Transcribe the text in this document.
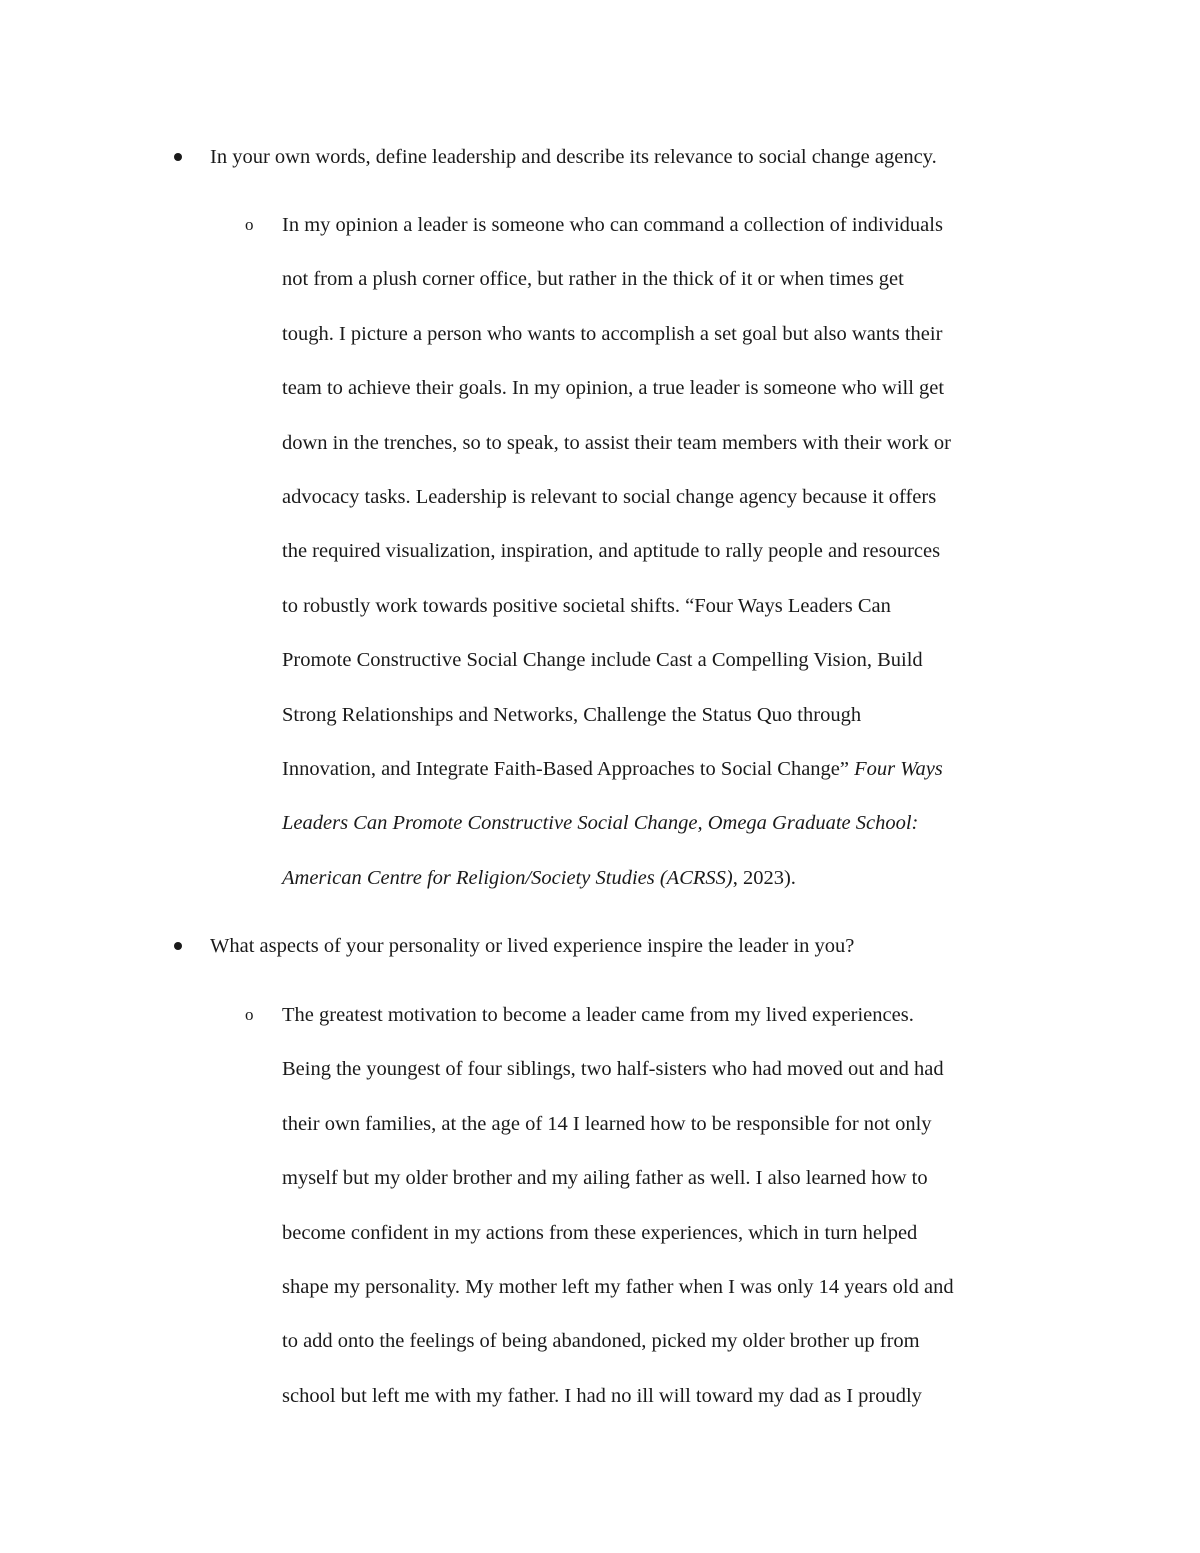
In your own words, define leadership and describe its relevance to social change agency.
o In my opinion a leader is someone who can command a collection of individuals
not from a plush corner office, but rather in the thick of it or when times get
tough. I picture a person who wants to accomplish a set goal but also wants their
team to achieve their goals. In my opinion, a true leader is someone who will get
down in the trenches, so to speak, to assist their team members with their work or
advocacy tasks. Leadership is relevant to social change agency because it offers
the required visualization, inspiration, and aptitude to rally people and resources
to robustly work towards positive societal shifts. “Four Ways Leaders Can
Promote Constructive Social Change include Cast a Compelling Vision, Build
Strong Relationships and Networks, Challenge the Status Quo through
Innovation, and Integrate Faith-Based Approaches to Social Change” Four Ways
Leaders Can Promote Constructive Social Change, Omega Graduate School:
American Centre for Religion/Society Studies (ACRSS), 2023).
What aspects of your personality or lived experience inspire the leader in you?
o The greatest motivation to become a leader came from my lived experiences.
Being the youngest of four siblings, two half-sisters who had moved out and had
their own families, at the age of 14 I learned how to be responsible for not only
myself but my older brother and my ailing father as well. I also learned how to
become confident in my actions from these experiences, which in turn helped
shape my personality. My mother left my father when I was only 14 years old and
to add onto the feelings of being abandoned, picked my older brother up from
school but left me with my father. I had no ill will toward my dad as I proudly
